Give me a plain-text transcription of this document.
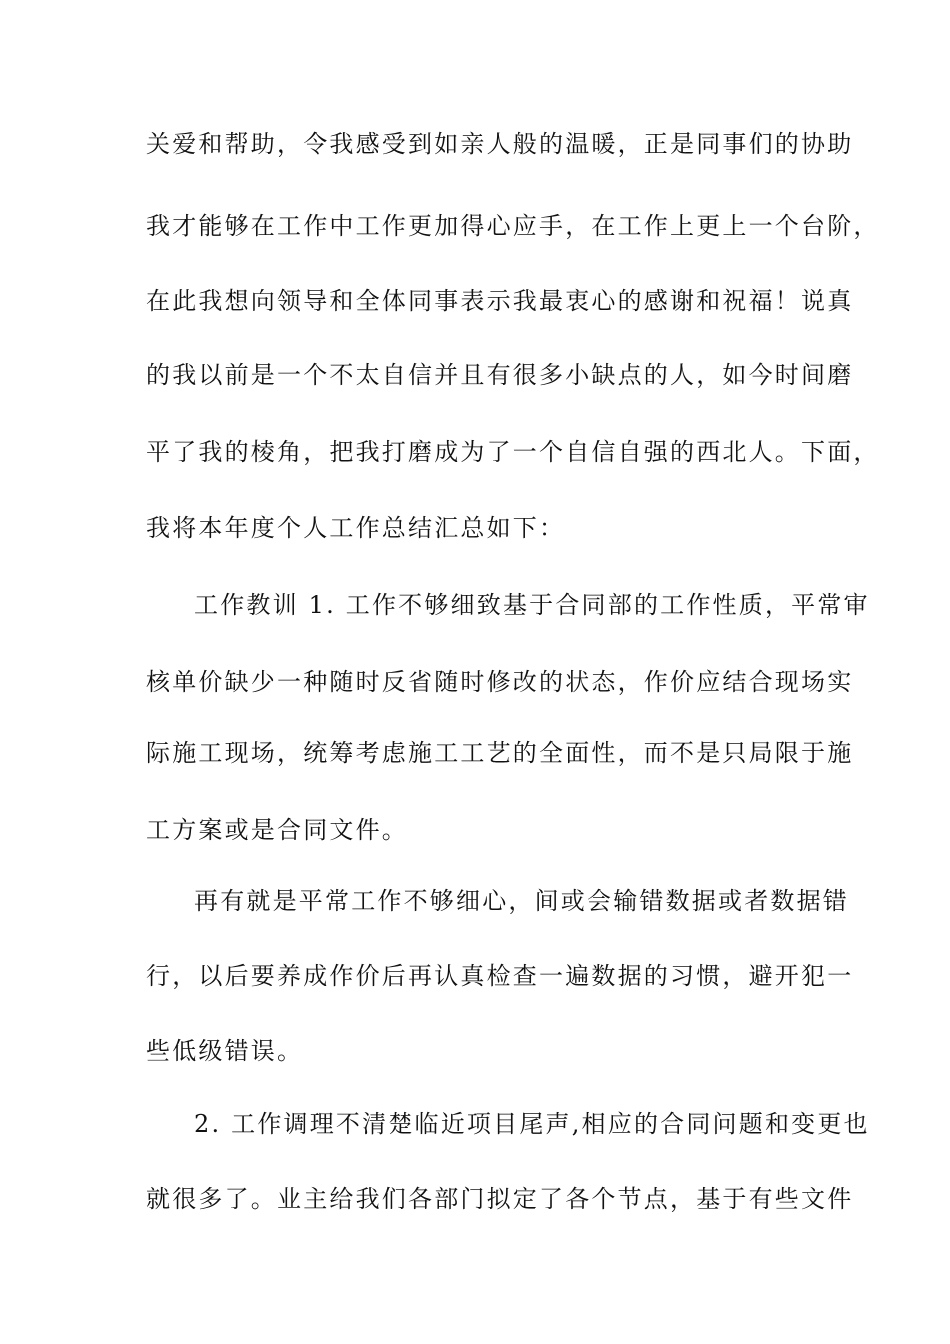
关爱和帮助，令我感受到如亲人般的温暖，正是同事们的协助
我才能够在工作中工作更加得心应手，在工作上更上一个台阶，
在此我想向领导和全体同事表示我最衷心的感谢和祝福！说真
的我以前是一个不太自信并且有很多小缺点的人，如今时间磨
平了我的棱角，把我打磨成为了一个自信自强的西北人。下面，
我将本年度个人工作总结汇总如下：
工作教训 1. 工作不够细致基于合同部的工作性质，平常审
核单价缺少一种随时反省随时修改的状态，作价应结合现场实
际施工现场，统筹考虑施工工艺的全面性，而不是只局限于施
工方案或是合同文件。
再有就是平常工作不够细心，间或会输错数据或者数据错
行，以后要养成作价后再认真检查一遍数据的习惯，避开犯一
些低级错误。
2. 工作调理不清楚临近项目尾声,相应的合同问题和变更也
就很多了。业主给我们各部门拟定了各个节点，基于有些文件
